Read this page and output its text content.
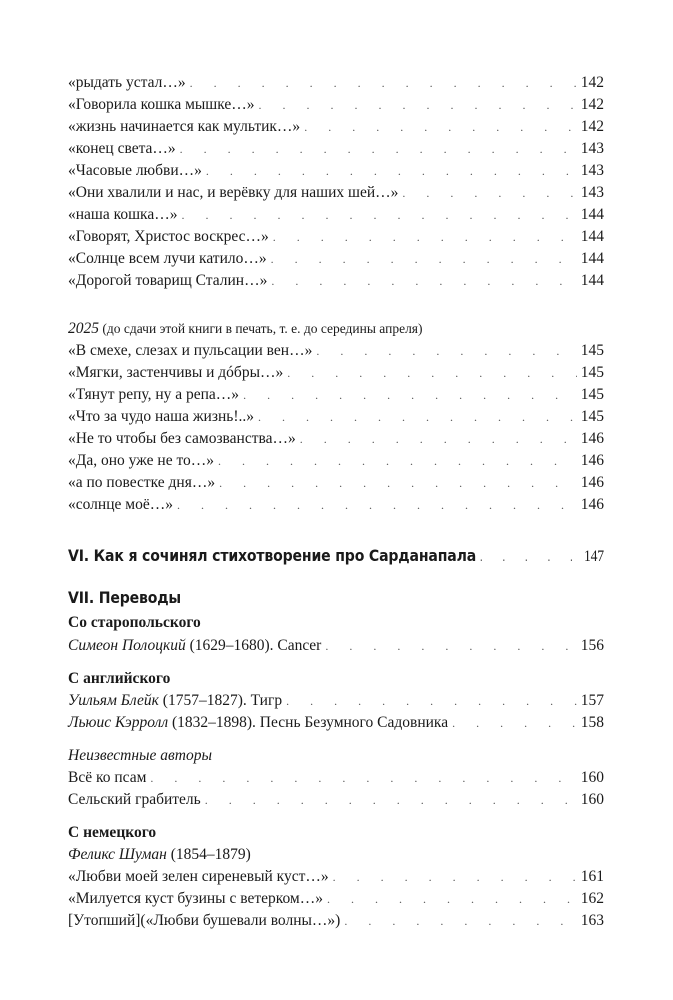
«рыдать устал…» . . .	142
«Говорила кошка мышке…» . . .	142
«жизнь начинается как мультик…» . . .	142
«конец света…» . . .	143
«Часовые любви…» . . .	143
«Они хвалили и нас, и верёвку для наших шей…» . . .	143
«наша кошка…» . . .	144
«Говорят, Христос воскрес…» . . .	144
«Солнце всем лучи катило…» . . .	144
«Дорогой товарищ Сталин…» . . .	144
2025 (до сдачи этой книги в печать, т. е. до середины апреля)
«В смехе, слезах и пульсации вен…» . . .	145
«Мягки, застенчивы и дóбры…» . . .	145
«Тянут репу, ну а репа…» . . .	145
«Что за чудо наша жизнь!..» . . .	145
«Не то чтобы без самозванства…» . . .	146
«Да, оно уже не то…» . . .	146
«а по повестке дня…» . . .	146
«солнце моё…» . . .	146
VI. Как я сочинял стихотворение про Сарданапала . . .	147
VII. Переводы
Со старопольского
Симеон Полоцкий (1629–1680). Cancer . . .	156
С английского
Уильям Блейк (1757–1827). Тигр . . .	157
Льюис Кэрролл (1832–1898). Песнь Безумного Садовника . . .	158
Неизвестные авторы
Всё ко псам . . .	160
Сельский грабитель . . .	160
С немецкого
Феликс Шуман (1854–1879)
«Любви моей зелен сиреневый куст…» . . .	161
«Милуется куст бузины с ветерком…» . . .	162
[Утопший](«Любви бушевали волны…») . . .	163
